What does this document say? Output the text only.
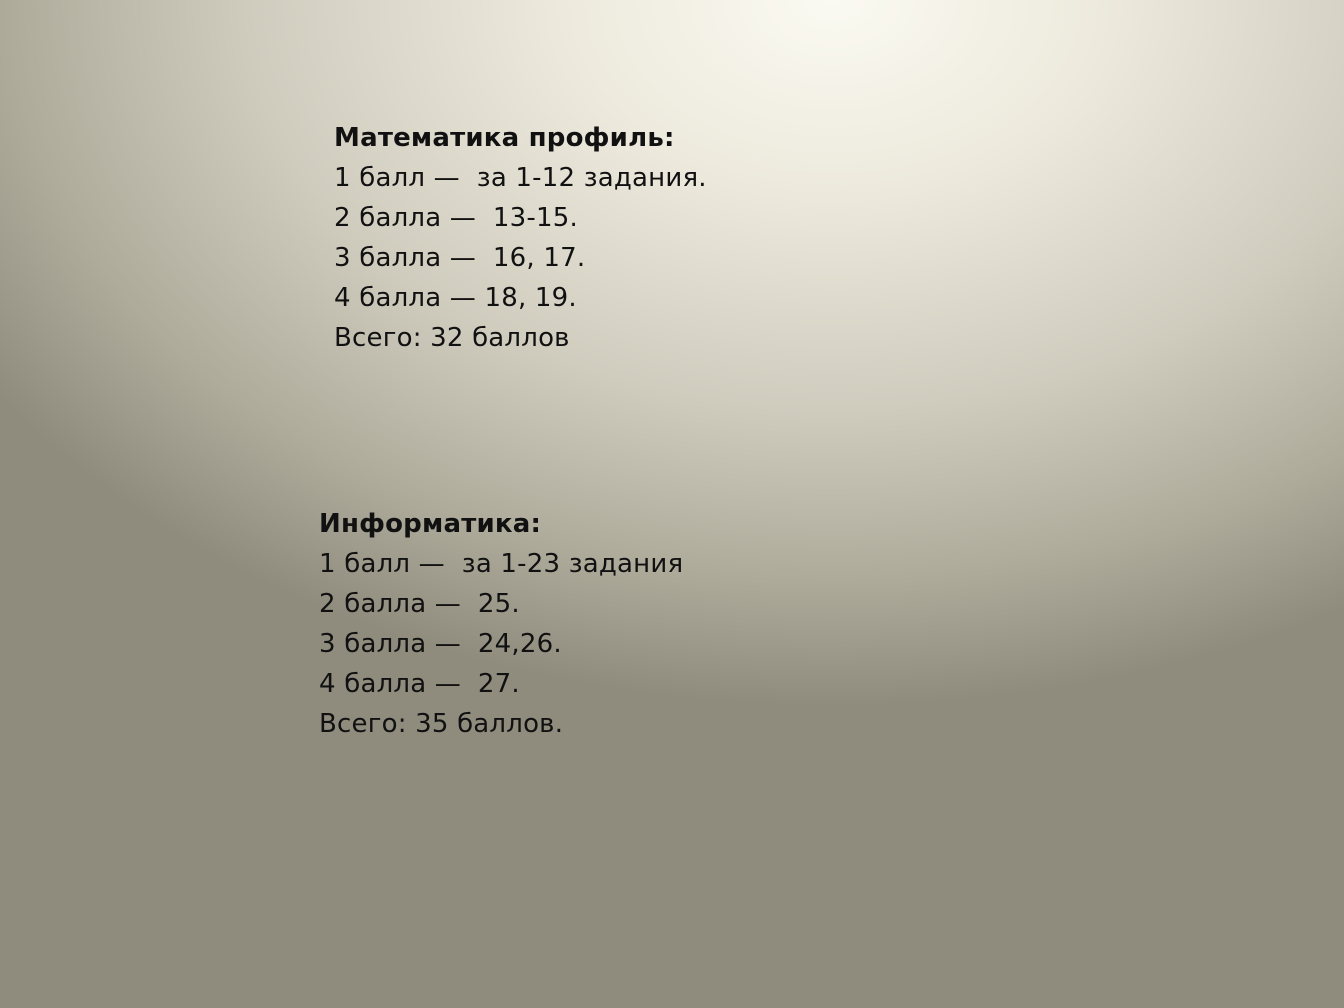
Математика профиль:
1 балл —  за 1-12 задания.
2 балла —  13-15.
3 балла —  16, 17.
4 балла — 18, 19.
Всего: 32 баллов
Информатика:
1 балл —  за 1-23 задания
2 балла —  25.
3 балла —  24,26.
4 балла —  27.
Всего: 35 баллов.
